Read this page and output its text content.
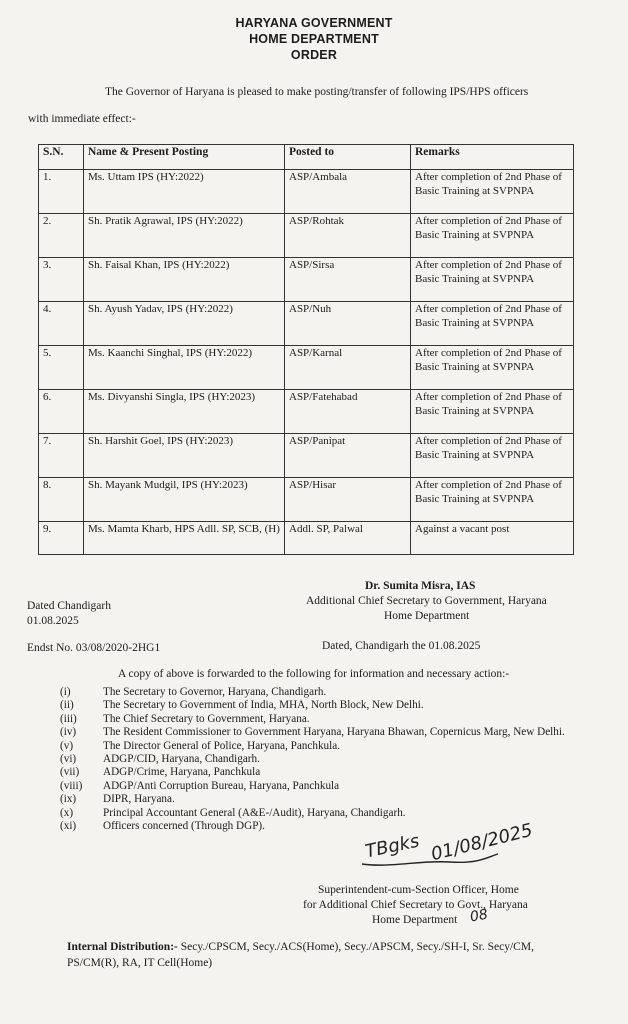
HARYANA GOVERNMENT
HOME DEPARTMENT
ORDER
The Governor of Haryana is pleased to make posting/transfer of following IPS/HPS officers
with immediate effect:-
S.N.	Name & Present Posting	Posted to	Remarks
1.	Ms. Uttam IPS (HY:2022)	ASP/Ambala	After completion of 2nd Phase of Basic Training at SVPNPA
2.	Sh. Pratik Agrawal, IPS (HY:2022)	ASP/Rohtak	After completion of 2nd Phase of Basic Training at SVPNPA
3.	Sh. Faisal Khan, IPS (HY:2022)	ASP/Sirsa	After completion of 2nd Phase of Basic Training at SVPNPA
4.	Sh. Ayush Yadav, IPS (HY:2022)	ASP/Nuh	After completion of 2nd Phase of Basic Training at SVPNPA
5.	Ms. Kaanchi Singhal, IPS (HY:2022)	ASP/Karnal	After completion of 2nd Phase of Basic Training at SVPNPA
6.	Ms. Divyanshi Singla, IPS (HY:2023)	ASP/Fatehabad	After completion of 2nd Phase of Basic Training at SVPNPA
7.	Sh. Harshit Goel, IPS (HY:2023)	ASP/Panipat	After completion of 2nd Phase of Basic Training at SVPNPA
8.	Sh. Mayank Mudgil, IPS (HY:2023)	ASP/Hisar	After completion of 2nd Phase of Basic Training at SVPNPA
9.	Ms. Mamta Kharb, HPS Adll. SP, SCB, (H)	Addl. SP, Palwal	Against a vacant post
Dr. Sumita Misra, IAS
Additional Chief Secretary to Government, Haryana
Home Department
Dated Chandigarh
01.08.2025
Endst No. 03/08/2020-2HG1	Dated, Chandigarh the 01.08.2025
A copy of above is forwarded to the following for information and necessary action:-
(i)	The Secretary to Governor, Haryana, Chandigarh.
(ii)	The Secretary to Government of India, MHA, North Block, New Delhi.
(iii)	The Chief Secretary to Government, Haryana.
(iv)	The Resident Commissioner to Government Haryana, Haryana Bhawan, Copernicus Marg, New Delhi.
(v)	The Director General of Police, Haryana, Panchkula.
(vi)	ADGP/CID, Haryana, Chandigarh.
(vii)	ADGP/Crime, Haryana, Panchkula
(viii)	ADGP/Anti Corruption Bureau, Haryana, Panchkula
(ix)	DIPR, Haryana.
(x)	Principal Accountant General (A&E-/Audit), Haryana, Chandigarh.
(xi)	Officers concerned (Through DGP).
TBgks 01/08/2025
Superintendent-cum-Section Officer, Home
for Additional Chief Secretary to Govt., Haryana
Home Department 08
Internal Distribution:- Secy./CPSCM, Secy./ACS(Home), Secy./APSCM, Secy./SH-I, Sr. Secy/CM,
PS/CM(R), RA, IT Cell(Home)
